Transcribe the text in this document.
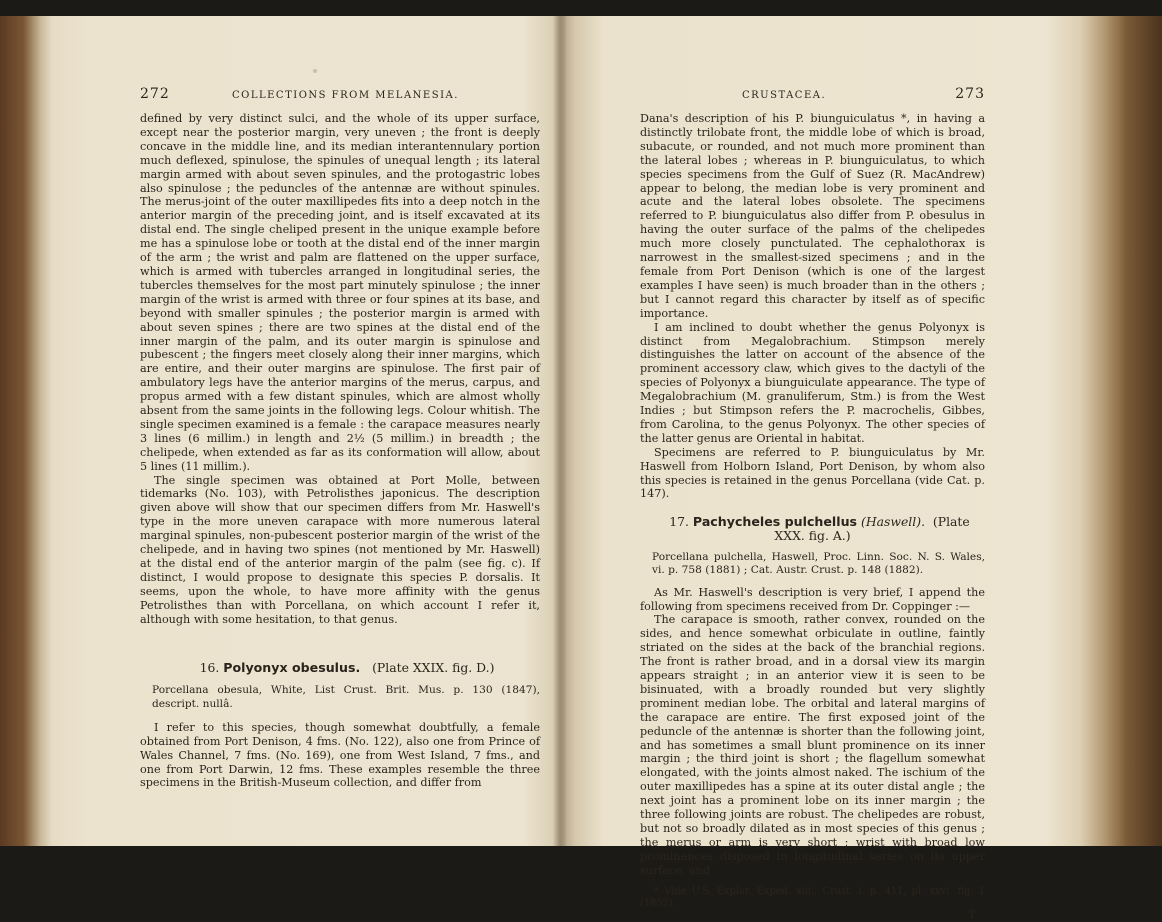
272	COLLECTIONS FROM MELANESIA.

defined by very distinct sulci, and the whole of its upper surface, except near the posterior margin, very uneven ; the front is deeply concave in the middle line, and its median interantennulary portion much deflexed, spinulose, the spinules of unequal length ; its lateral margin armed with about seven spinules, and the protogastric lobes also spinulose ; the peduncles of the antennæ are without spinules. The merus-joint of the outer maxillipedes fits into a deep notch in the anterior margin of the preceding joint, and is itself excavated at its distal end. The single cheliped present in the unique example before me has a spinulose lobe or tooth at the distal end of the inner margin of the arm ; the wrist and palm are flattened on the upper surface, which is armed with tubercles arranged in longitudinal series, the tubercles themselves for the most part minutely spinulose ; the inner margin of the wrist is armed with three or four spines at its base, and beyond with smaller spinules ; the posterior margin is armed with about seven spines ; there are two spines at the distal end of the inner margin of the palm, and its outer margin is spinulose and pubescent ; the fingers meet closely along their inner margins, which are entire, and their outer margins are spinulose. The first pair of ambulatory legs have the anterior margins of the merus, carpus, and propus armed with a few distant spinules, which are almost wholly absent from the same joints in the following legs. Colour whitish. The single specimen examined is a female : the carapace measures nearly 3 lines (6 millim.) in length and 2½ (5 millim.) in breadth ; the chelipede, when extended as far as its conformation will allow, about 5 lines (11 millim.).

The single specimen was obtained at Port Molle, between tidemarks (No. 103), with Petrolisthes japonicus. The description given above will show that our specimen differs from Mr. Haswell's type in the more uneven carapace with more numerous lateral marginal spinules, non-pubescent posterior margin of the wrist of the chelipede, and in having two spines (not mentioned by Mr. Haswell) at the distal end of the anterior margin of the palm (see fig. c). If distinct, I would propose to designate this species P. dorsalis. It seems, upon the whole, to have more affinity with the genus Petrolisthes than with Porcellana, on which account I refer it, although with some hesitation, to that genus.

16. Polyonyx obesulus. (Plate XXIX. fig. D.)

Porcellana obesula, White, List Crust. Brit. Mus. p. 130 (1847), descript. nullâ.

I refer to this species, though somewhat doubtfully, a female obtained from Port Denison, 4 fms. (No. 122), also one from Prince of Wales Channel, 7 fms. (No. 169), one from West Island, 7 fms., and one from Port Darwin, 12 fms. These examples resemble the three specimens in the British-Museum collection, and differ from

CRUSTACEA.	273

Dana's description of his P. biunguiculatus *, in having a distinctly trilobate front, the middle lobe of which is broad, subacute, or rounded, and not much more prominent than the lateral lobes ; whereas in P. biunguiculatus, to which species specimens from the Gulf of Suez (R. MacAndrew) appear to belong, the median lobe is very prominent and acute and the lateral lobes obsolete. The specimens referred to P. biunguiculatus also differ from P. obesulus in having the outer surface of the palms of the chelipedes much more closely punctulated. The cephalothorax is narrowest in the smallest-sized specimens ; and in the female from Port Denison (which is one of the largest examples I have seen) is much broader than in the others ; but I cannot regard this character by itself as of specific importance.

I am inclined to doubt whether the genus Polyonyx is distinct from Megalobrachium. Stimpson merely distinguishes the latter on account of the absence of the prominent accessory claw, which gives to the dactyli of the species of Polyonyx a biunguiculate appearance. The type of Megalobrachium (M. granuliferum, Stm.) is from the West Indies ; but Stimpson refers the P. macrochelis, Gibbes, from Carolina, to the genus Polyonyx. The other species of the latter genus are Oriental in habitat.

Specimens are referred to P. biunguiculatus by Mr. Haswell from Holborn Island, Port Denison, by whom also this species is retained in the genus Porcellana (vide Cat. p. 147).

17. Pachycheles pulchellus (Haswell). (Plate XXX. fig. A.)

Porcellana pulchella, Haswell, Proc. Linn. Soc. N. S. Wales, vi. p. 758 (1881) ; Cat. Austr. Crust. p. 148 (1882).

As Mr. Haswell's description is very brief, I append the following from specimens received from Dr. Coppinger :—

The carapace is smooth, rather convex, rounded on the sides, and hence somewhat orbiculate in outline, faintly striated on the sides at the back of the branchial regions. The front is rather broad, and in a dorsal view its margin appears straight ; in an anterior view it is seen to be bisinuated, with a broadly rounded but very slightly prominent median lobe. The orbital and lateral margins of the carapace are entire. The first exposed joint of the peduncle of the antennæ is shorter than the following joint, and has sometimes a small blunt prominence on its inner margin ; the third joint is short ; the flagellum somewhat elongated, with the joints almost naked. The ischium of the outer maxillipedes has a spine at its outer distal angle ; the next joint has a prominent lobe on its inner margin ; the three following joints are robust. The chelipedes are robust, but not so broadly dilated as in most species of this genus ; the merus or arm is very short ; wrist with broad low prominences disposed in longitudinal series on its upper surface, and

* Vide U.S. Explor. Exped. xiii., Crust. i. p. 411, pl. xxvi. fig. 1 (1852).

T
